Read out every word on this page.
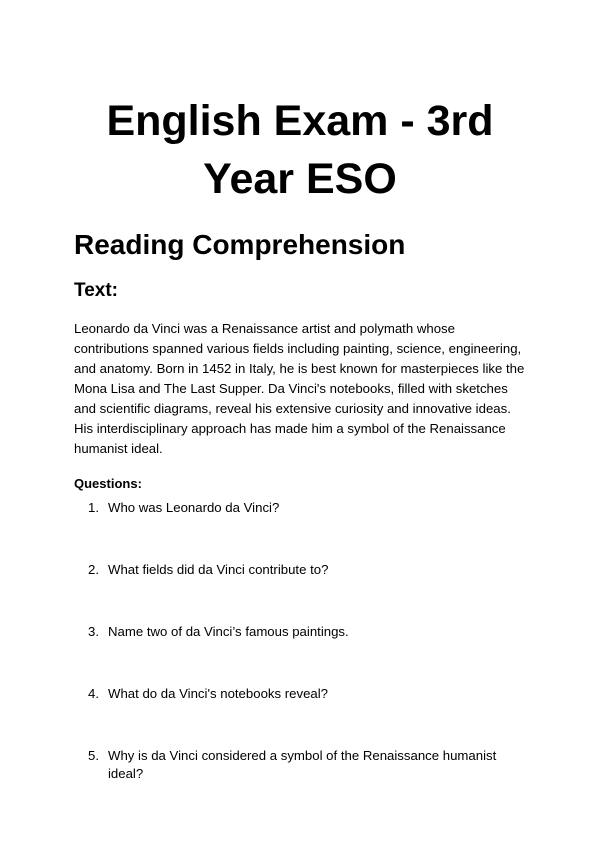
English Exam - 3rd Year ESO
Reading Comprehension
Text:

Leonardo da Vinci was a Renaissance artist and polymath whose contributions spanned various fields including painting, science, engineering, and anatomy. Born in 1452 in Italy, he is best known for masterpieces like the Mona Lisa and The Last Supper. Da Vinci's notebooks, filled with sketches and scientific diagrams, reveal his extensive curiosity and innovative ideas. His interdisciplinary approach has made him a symbol of the Renaissance humanist ideal.

Questions:

1. Who was Leonardo da Vinci?
2. What fields did da Vinci contribute to?
3. Name two of da Vinci’s famous paintings.
4. What do da Vinci's notebooks reveal?
5. Why is da Vinci considered a symbol of the Renaissance humanist ideal?
